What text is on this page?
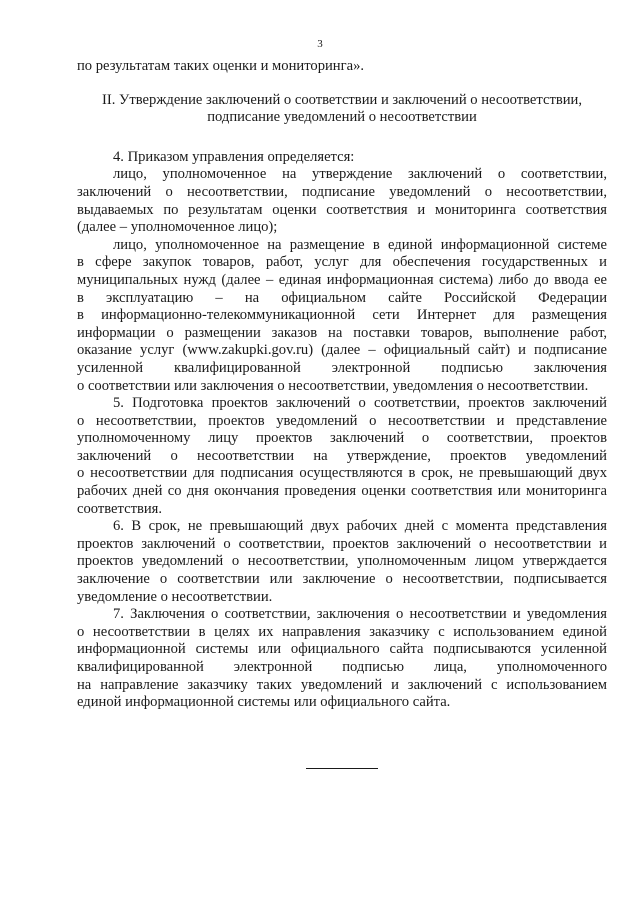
3
по результатам таких оценки и мониторинга».
II. Утверждение заключений о соответствии и заключений о несоответствии,
подписание уведомлений о несоответствии
4. Приказом управления определяется:
лицо, уполномоченное на утверждение заключений о соответствии,
заключений о несоответствии, подписание уведомлений о несоответствии,
выдаваемых по результатам оценки соответствия и мониторинга соответствия
(далее – уполномоченное лицо);
лицо, уполномоченное на размещение в единой информационной системе
в сфере закупок товаров, работ, услуг для обеспечения государственных и
муниципальных нужд (далее – единая информационная система) либо до ввода ее
в эксплуатацию – на официальном сайте Российской Федерации
в информационно-телекоммуникационной сети Интернет для размещения
информации о размещении заказов на поставки товаров, выполнение работ,
оказание услуг (www.zakupki.gov.ru) (далее – официальный сайт) и подписание
усиленной квалифицированной электронной подписью заключения
о соответствии или заключения о несоответствии, уведомления о несоответствии.
5. Подготовка проектов заключений о соответствии, проектов заключений
о несоответствии, проектов уведомлений о несоответствии и представление
уполномоченному лицу проектов заключений о соответствии, проектов
заключений о несоответствии на утверждение, проектов уведомлений
о несоответствии для подписания осуществляются в срок, не превышающий двух
рабочих дней со дня окончания проведения оценки соответствия или мониторинга
соответствия.
6. В срок, не превышающий двух рабочих дней с момента представления
проектов заключений о соответствии, проектов заключений о несоответствии и
проектов уведомлений о несоответствии, уполномоченным лицом утверждается
заключение о соответствии или заключение о несоответствии, подписывается
уведомление о несоответствии.
7. Заключения о соответствии, заключения о несоответствии и уведомления
о несоответствии в целях их направления заказчику с использованием единой
информационной системы или официального сайта подписываются усиленной
квалифицированной электронной подписью лица, уполномоченного
на направление заказчику таких уведомлений и заключений с использованием
единой информационной системы или официального сайта.
